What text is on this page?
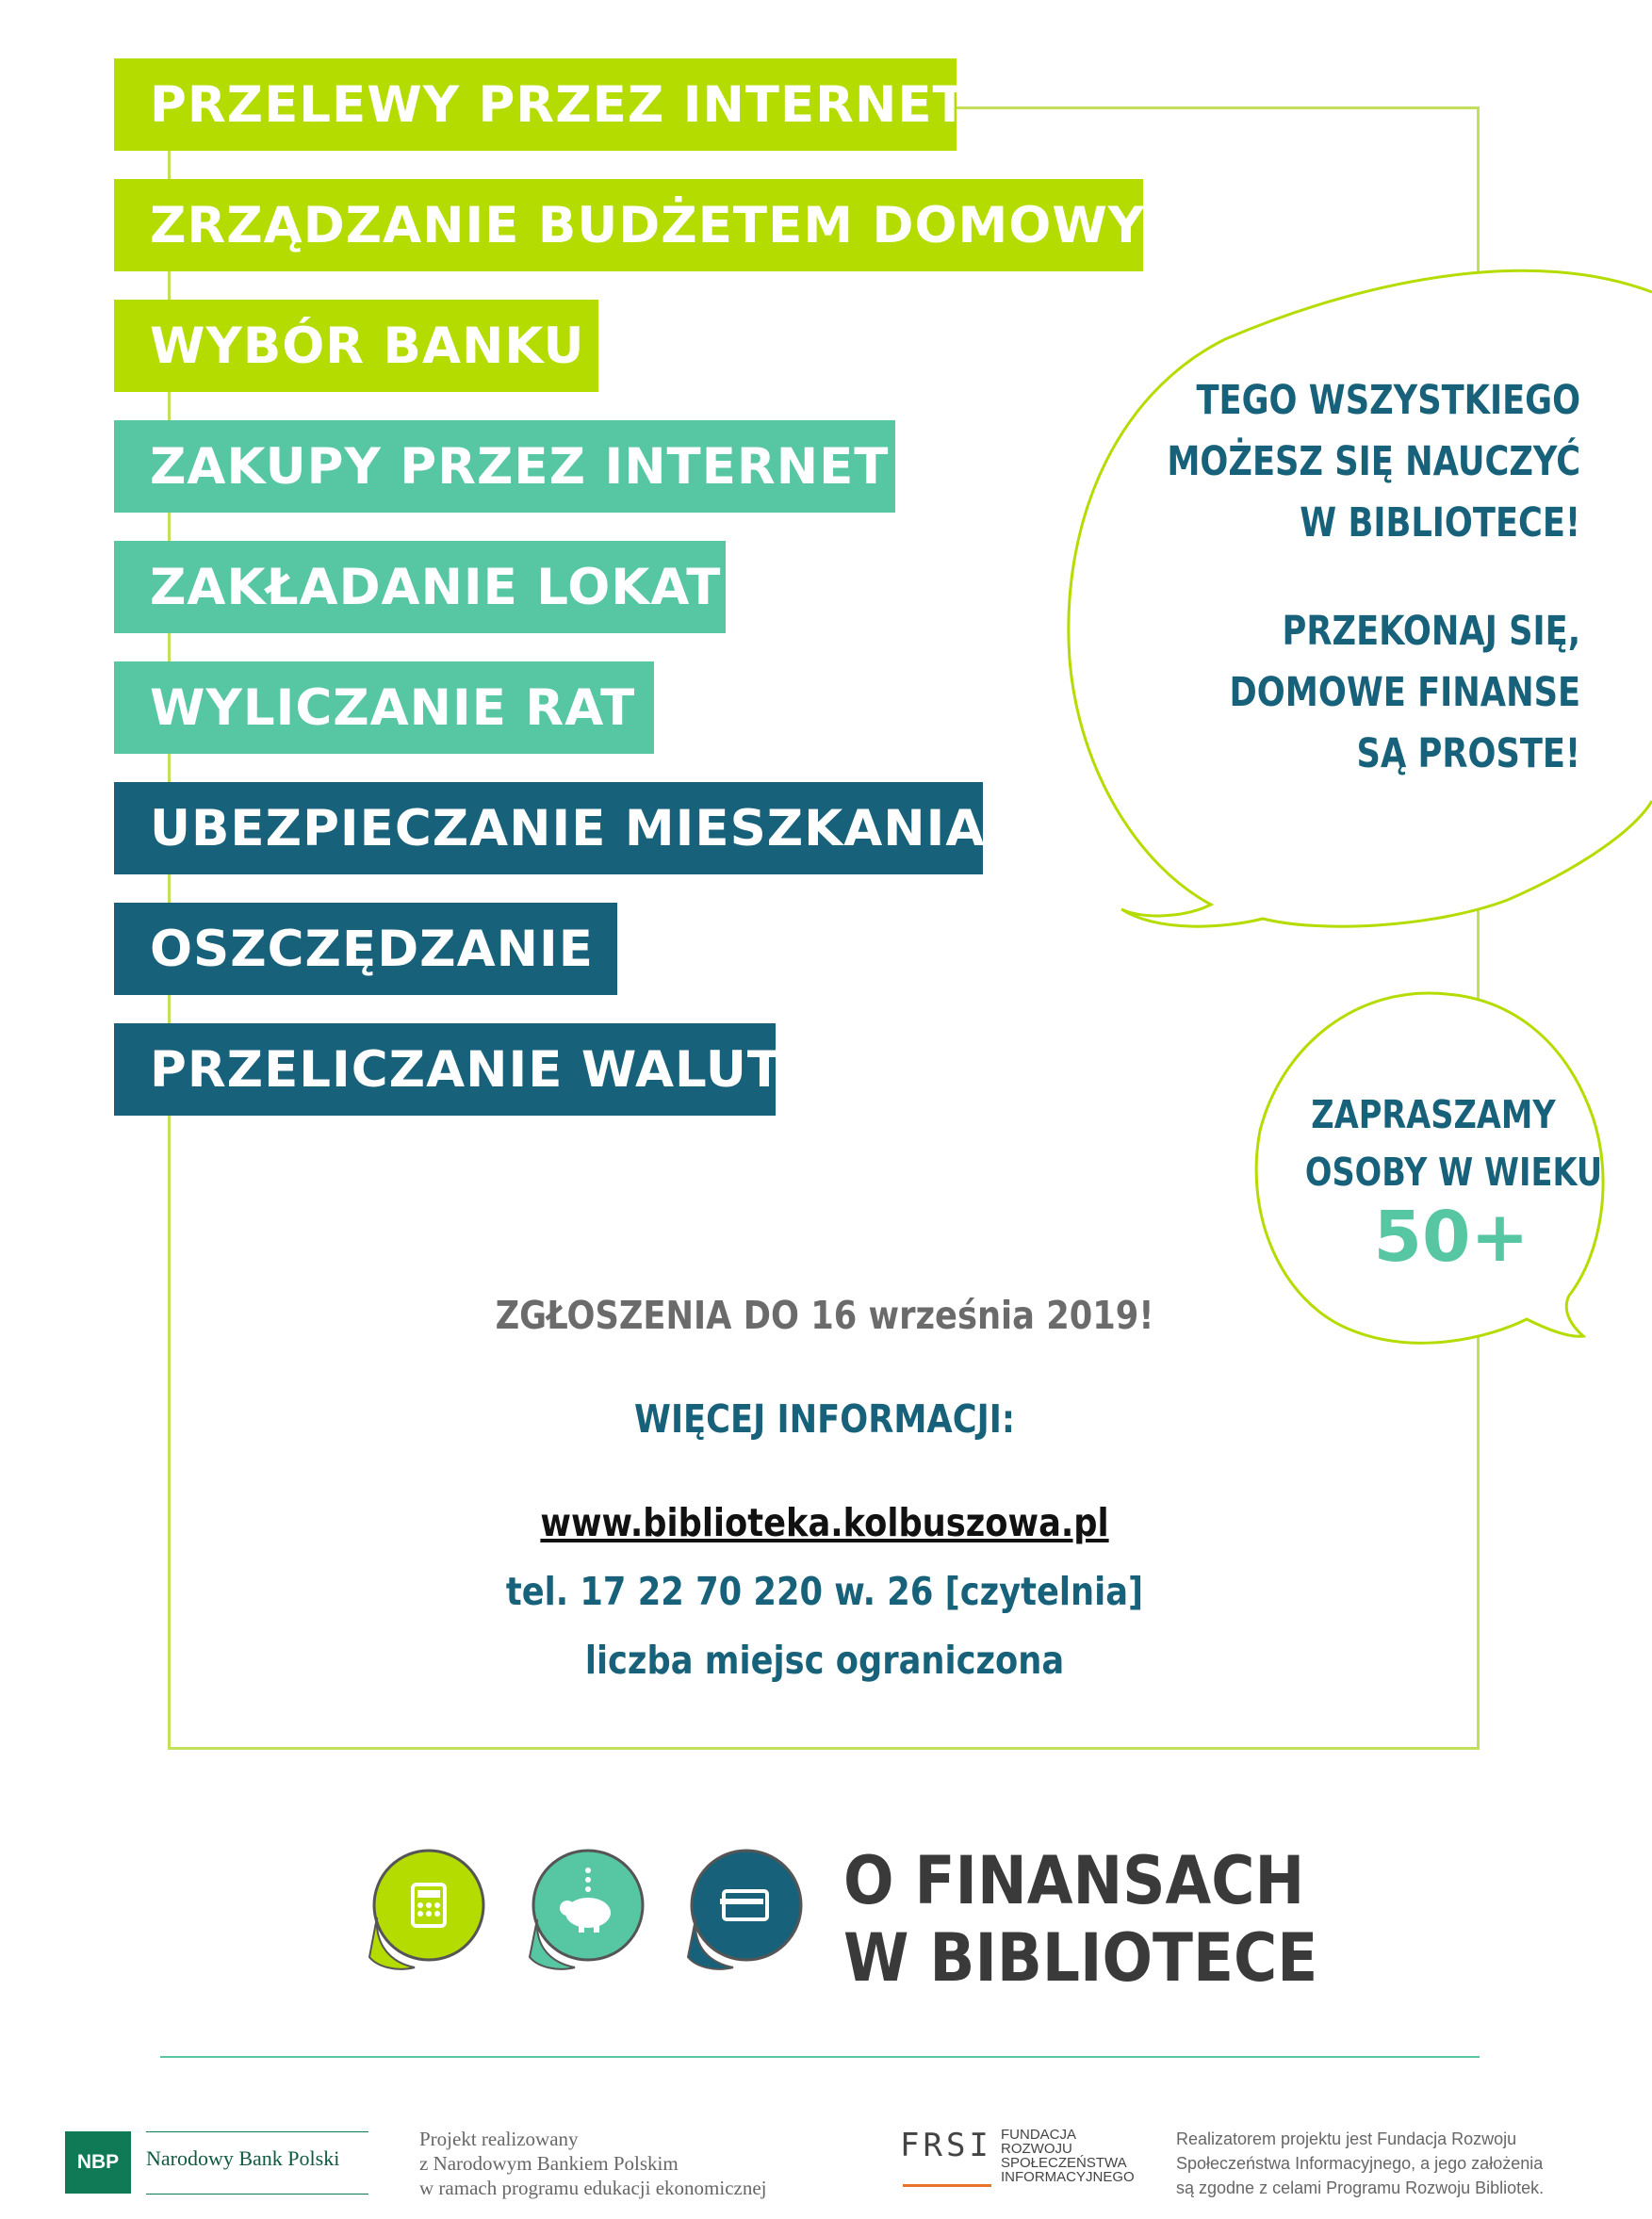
PRZELEWY PRZEZ INTERNET
ZRZĄDZANIE BUDŻETEM DOMOWYM
WYBÓR BANKU
ZAKUPY PRZEZ INTERNET
ZAKŁADANIE LOKAT
WYLICZANIE RAT
UBEZPIECZANIE MIESZKANIA
OSZCZĘDZANIE
PRZELICZANIE WALUT
TEGO WSZYSTKIEGO
MOŻESZ SIĘ NAUCZYĆ
W BIBLIOTECE!
PRZEKONAJ SIĘ,
DOMOWE FINANSE
SĄ PROSTE!
ZAPRASZAMY
OSOBY W WIEKU
50+
ZGŁOSZENIA DO 16 września 2019!
WIĘCEJ INFORMACJI:
www.biblioteka.kolbuszowa.pl
tel. 17 22 70 220 w. 26 [czytelnia]
liczba miejsc ograniczona
O FINANSACH
W BIBLIOTECE
NBP	Narodowy Bank Polski
Projekt realizowany
z Narodowym Bankiem Polskim
w ramach programu edukacji ekonomicznej
FRSI FUNDACJA
ROZWOJU
SPOŁECZEŃSTWA
INFORMACYJNEGO
Realizatorem projektu jest Fundacja Rozwoju
Społeczeństwa Informacyjnego, a jego założenia
są zgodne z celami Programu Rozwoju Bibliotek.
